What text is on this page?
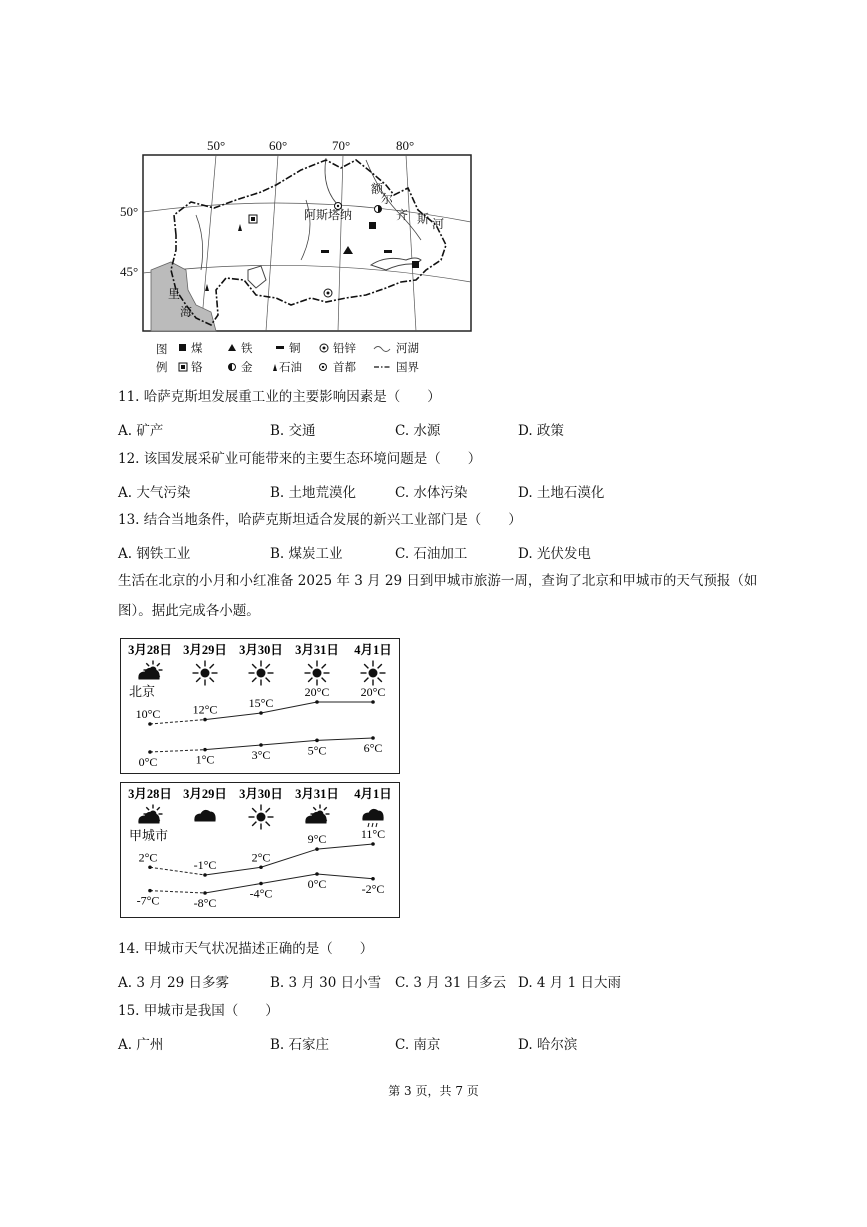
50°	60°	70°	80°
50°
45°
阿斯塔纳
额
尔
齐 斯 河
里
海
图
例
煤	铁	铜	铅锌	河湖
铬	金 石油	首都	国界
11. 哈萨克斯坦发展重工业的主要影响因素是（　　）
A. 矿产	B. 交通	C. 水源	D. 政策
12. 该国发展采矿业可能带来的主要生态环境问题是（　　）
A. 大气污染	B. 土地荒漠化	C. 水体污染	D. 土地石漠化
13. 结合当地条件，哈萨克斯坦适合发展的新兴工业部门是（　　）
A. 钢铁工业	B. 煤炭工业	C. 石油加工	D. 光伏发电
生活在北京的小月和小红准备 2025 年 3 月 29 日到甲城市旅游一周，查询了北京和甲城市的天气预报（如
图）。据此完成各小题。
3月28日 3月29日 3月30日 3月31日 4月1日
北京
10°C	12°C	15°C
20°C	20°C
0°C	1°C	3°C	5°C	6°C
3月28日 3月29日 3月30日 3月31日 4月1日
甲城市
2°C
-1°C
2°C
9°C	11°C
-7°C	-8°C
-4°C
0°C	-2°C
14. 甲城市天气状况描述正确的是（　　）
A. 3 月 29 日多雾	B. 3 月 30 日小雪 C. 3 月 31 日多云 D. 4 月 1 日大雨
15. 甲城市是我国（　　）
A. 广州	B. 石家庄	C. 南京	D. 哈尔滨
第 3 页，共 7 页
